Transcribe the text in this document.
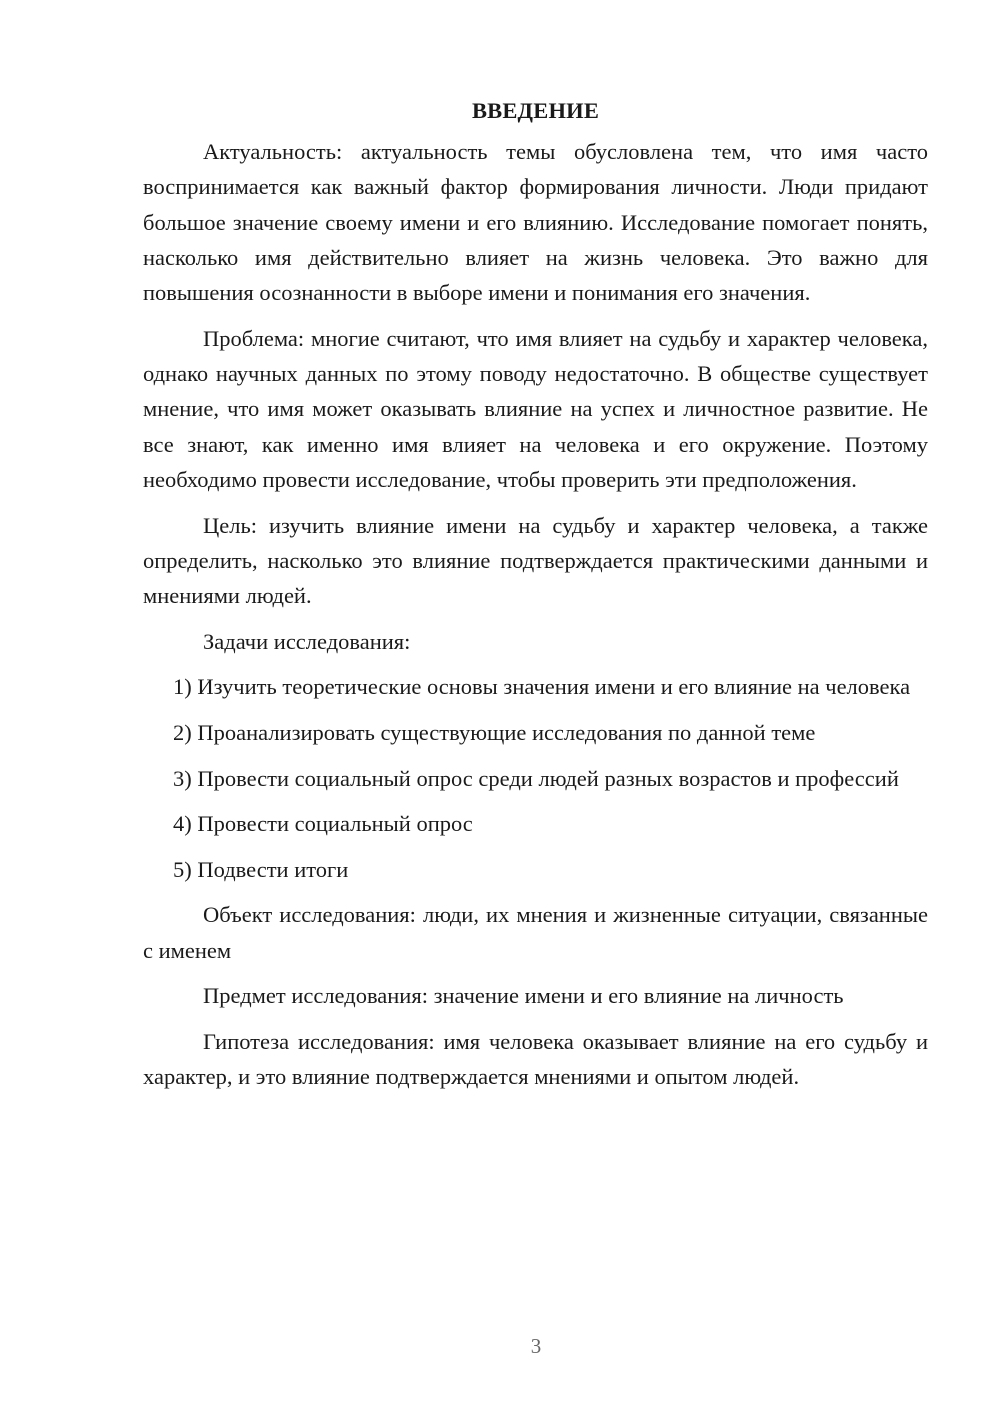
ВВЕДЕНИЕ

Актуальность: актуальность темы обусловлена тем, что имя часто воспринимается как важный фактор формирования личности. Люди придают большое значение своему имени и его влиянию. Исследование помогает понять, насколько имя действительно влияет на жизнь человека. Это важно для повышения осознанности в выборе имени и понимания его значения.

Проблема: многие считают, что имя влияет на судьбу и характер человека, однако научных данных по этому поводу недостаточно. В обществе существует мнение, что имя может оказывать влияние на успех и личностное развитие. Не все знают, как именно имя влияет на человека и его окружение. Поэтому необходимо провести исследование, чтобы проверить эти предположения.

Цель: изучить влияние имени на судьбу и характер человека, а также определить, насколько это влияние подтверждается практическими данными и мнениями людей.

Задачи исследования:

1) Изучить теоретические основы значения имени и его влияние на человека

2) Проанализировать существующие исследования по данной теме

3) Провести социальный опрос среди людей разных возрастов и профессий

4) Провести социальный опрос

5) Подвести итоги

Объект исследования: люди, их мнения и жизненные ситуации, связанные с именем

Предмет исследования: значение имени и его влияние на личность

Гипотеза исследования: имя человека оказывает влияние на его судьбу и характер, и это влияние подтверждается мнениями и опытом людей.

3
